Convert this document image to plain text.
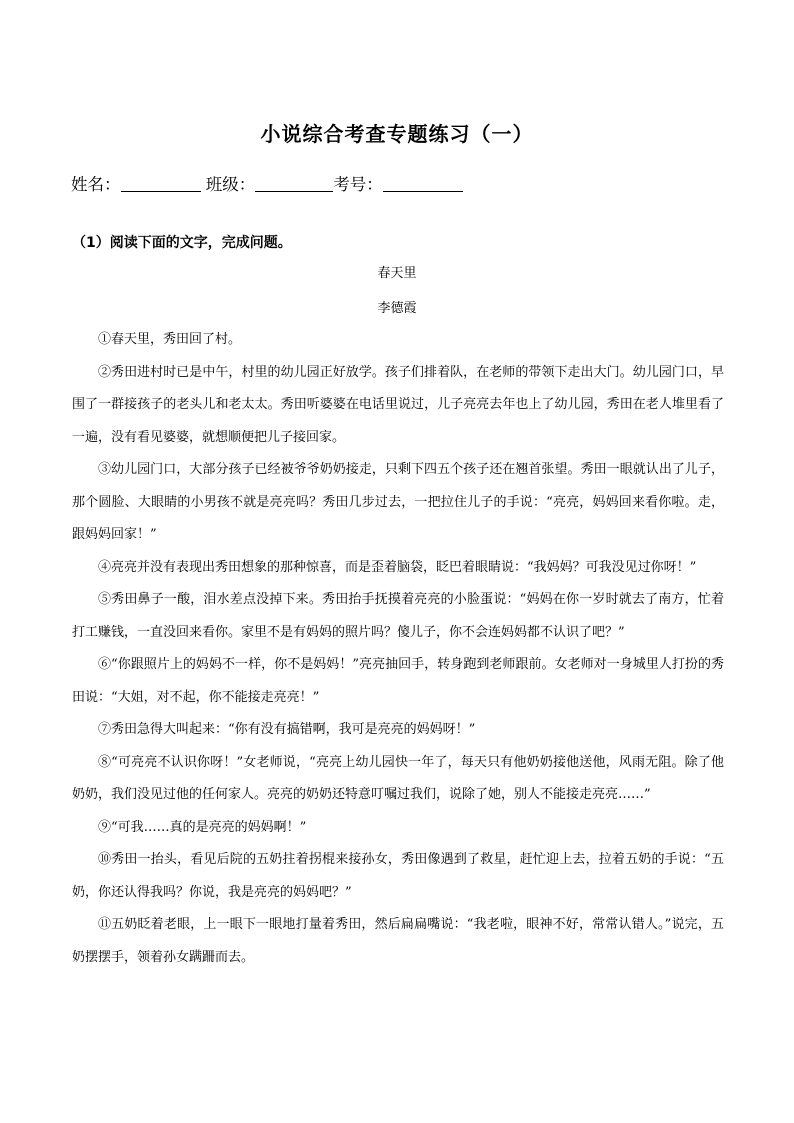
小说综合考查专题练习（一）
姓名：	班级：	考号：
（1）阅读下面的文字，完成问题。
春天里
李德霞

①春天里，秀田回了村。

②秀田进村时已是中午，村里的幼儿园正好放学。孩子们排着队，在老师的带领下走出大门。幼儿园门口，早围了一群接孩子的老头儿和老太太。秀田听婆婆在电话里说过，儿子亮亮去年也上了幼儿园，秀田在老人堆里看了一遍，没有看见婆婆，就想顺便把儿子接回家。

③幼儿园门口，大部分孩子已经被爷爷奶奶接走，只剩下四五个孩子还在翘首张望。秀田一眼就认出了儿子，那个圆脸、大眼睛的小男孩不就是亮亮吗？秀田几步过去，一把拉住儿子的手说：“亮亮，妈妈回来看你啦。走，跟妈妈回家！”

④亮亮并没有表现出秀田想象的那种惊喜，而是歪着脑袋，眨巴着眼睛说：“我妈妈？可我没见过你呀！”

⑤秀田鼻子一酸，泪水差点没掉下来。秀田抬手抚摸着亮亮的小脸蛋说：“妈妈在你一岁时就去了南方，忙着打工赚钱，一直没回来看你。家里不是有妈妈的照片吗？傻儿子，你不会连妈妈都不认识了吧？”

⑥“你跟照片上的妈妈不一样，你不是妈妈！”亮亮抽回手，转身跑到老师跟前。女老师对一身城里人打扮的秀田说：“大姐，对不起，你不能接走亮亮！”

⑦秀田急得大叫起来：“你有没有搞错啊，我可是亮亮的妈妈呀！”

⑧“可亮亮不认识你呀！”女老师说，“亮亮上幼儿园快一年了，每天只有他奶奶接他送他，风雨无阻。除了他奶奶，我们没见过他的任何家人。亮亮的奶奶还特意叮嘱过我们，说除了她，别人不能接走亮亮……”

⑨“可我……真的是亮亮的妈妈啊！”

⑩秀田一抬头，看见后院的五奶拄着拐棍来接孙女，秀田像遇到了救星，赶忙迎上去，拉着五奶的手说：“五奶，你还认得我吗？你说，我是亮亮的妈妈吧？”

⑪五奶眨着老眼，上一眼下一眼地打量着秀田，然后扁扁嘴说：“我老啦，眼神不好，常常认错人。”说完，五奶摆摆手，领着孙女蹒跚而去。
